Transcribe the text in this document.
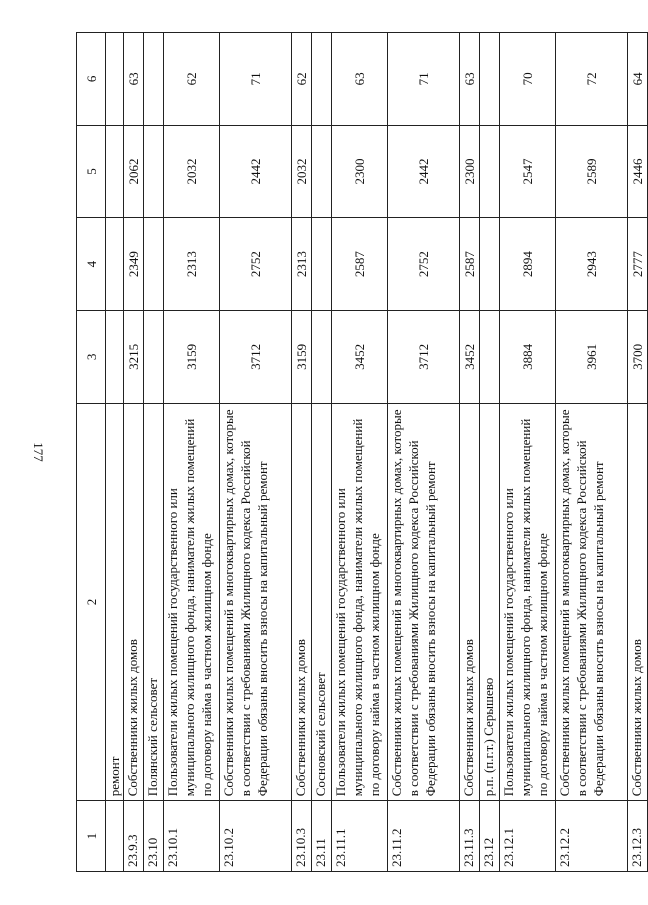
177
1	2	3	4	5	6
	ремонт				
23.9.3	Собственники жилых домов	3215	2349	2062	63
23.10	Полянский сельсовет				
23.10.1	Пользователи жилых помещений государственного или муниципального жилищного фонда, наниматели жилых помещений по договору найма в частном жилищном фонде	3159	2313	2032	62
23.10.2	Собственники жилых помещений в многоквартирных домах, которые в соответствии с требованиями Жилищного кодекса Российской Федерации обязаны вносить взносы на капитальный ремонт	3712	2752	2442	71
23.10.3	Собственники жилых домов	3159	2313	2032	62
23.11	Сосновский сельсовет				
23.11.1	Пользователи жилых помещений государственного или муниципального жилищного фонда, наниматели жилых помещений по договору найма в частном жилищном фонде	3452	2587	2300	63
23.11.2	Собственники жилых помещений в многоквартирных домах, которые в соответствии с требованиями Жилищного кодекса Российской Федерации обязаны вносить взносы на капитальный ремонт	3712	2752	2442	71
23.11.3	Собственники жилых домов	3452	2587	2300	63
23.12	р.п. (п.г.т.) Серышево				
23.12.1	Пользователи жилых помещений государственного или муниципального жилищного фонда, наниматели жилых помещений по договору найма в частном жилищном фонде	3884	2894	2547	70
23.12.2	Собственники жилых помещений в многоквартирных домах, которые в соответствии с требованиями Жилищного кодекса Российской Федерации обязаны вносить взносы на капитальный ремонт	3961	2943	2589	72
23.12.3	Собственники жилых домов	3700	2777	2446	64
